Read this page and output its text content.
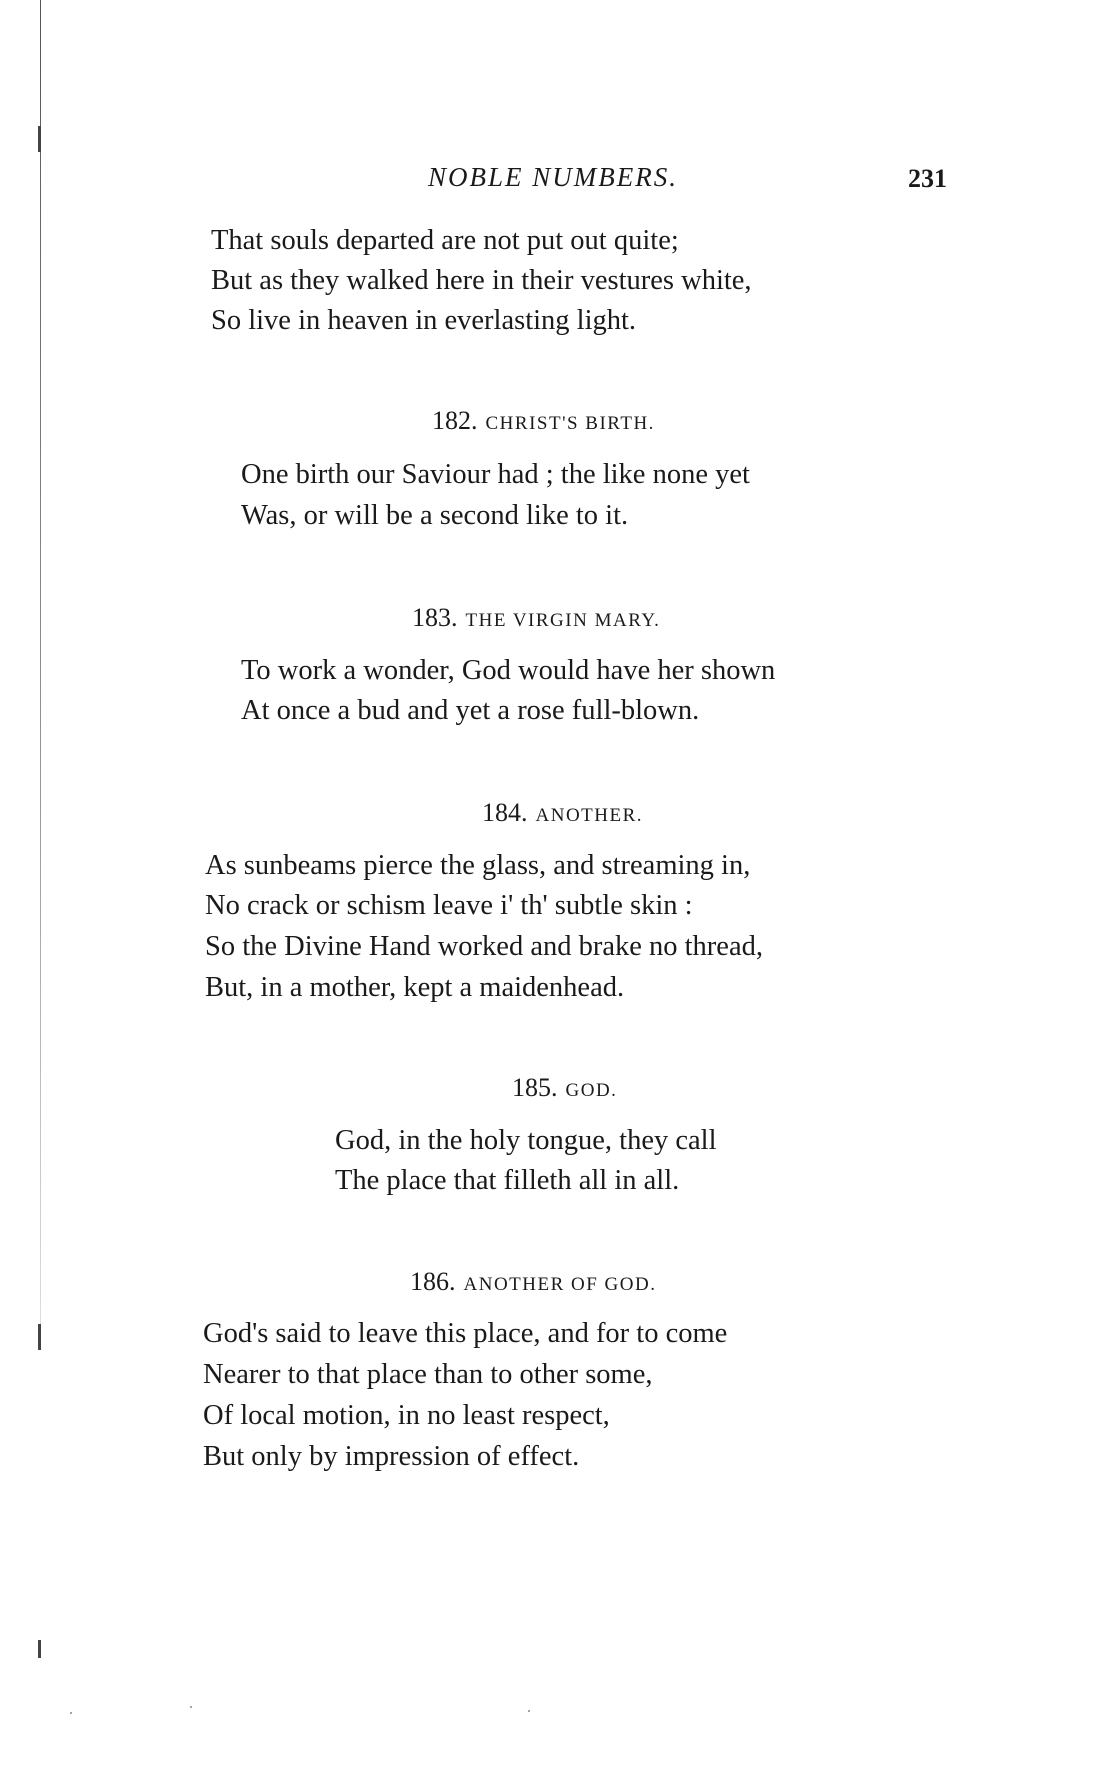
NOBLE NUMBERS.	231
That souls departed are not put out quite;
But as they walked here in their vestures white,
So live in heaven in everlasting light.
182. CHRIST'S BIRTH.
One birth our Saviour had ; the like none yet
Was, or will be a second like to it.
183. THE VIRGIN MARY.
To work a wonder, God would have her shown
At once a bud and yet a rose full-blown.
184. ANOTHER.
As sunbeams pierce the glass, and streaming in,
No crack or schism leave i' th' subtle skin :
So the Divine Hand worked and brake no thread,
But, in a mother, kept a maidenhead.
185. GOD.
God, in the holy tongue, they call
The place that filleth all in all.
186. ANOTHER OF GOD.
God's said to leave this place, and for to come
Nearer to that place than to other some,
Of local motion, in no least respect,
But only by impression of effect.
